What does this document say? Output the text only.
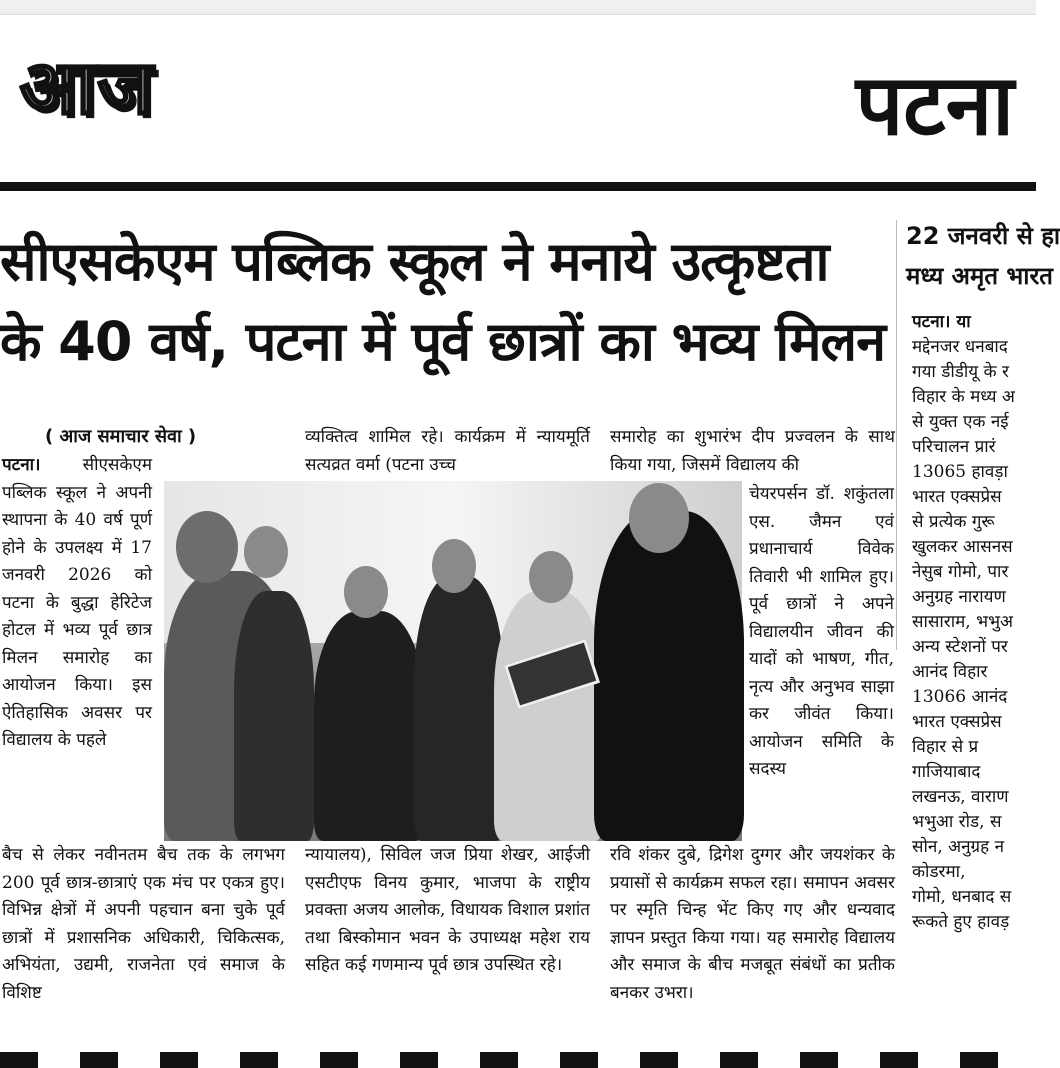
आज	पटना
सीएसकेएम पब्लिक स्कूल ने मनाये उत्कृष्टता
के 40 वर्ष, पटना में पूर्व छात्रों का भव्य मिलन
( आज समाचार सेवा )

पटना। सीएसकेएम पब्लिक स्कूल ने अपनी स्थापना के 40 वर्ष पूर्ण होने के उपलक्ष्य में 17 जनवरी 2026 को पटना के बुद्धा हेरिटेज होटल में भव्य पूर्व छात्र मिलन समारोह का आयोजन किया। इस ऐतिहासिक अवसर पर विद्यालय के पहले

व्यक्तित्व शामिल रहे। कार्यक्रम में न्यायमूर्ति सत्यव्रत वर्मा (पटना उच्च

समारोह का शुभारंभ दीप प्रज्वलन के साथ किया गया, जिसमें विद्यालय की

चेयरपर्सन डॉ. शकुंतला एस. जैमन एवं प्रधानाचार्य विवेक तिवारी भी शामिल हुए। पूर्व छात्रों ने अपने विद्यालयीन जीवन की यादों को भाषण, गीत, नृत्य और अनुभव साझा कर जीवंत किया। आयोजन समिति के सदस्य

बैच से लेकर नवीनतम बैच तक के लगभग 200 पूर्व छात्र-छात्राएं एक मंच पर एकत्र हुए। विभिन्न क्षेत्रों में अपनी पहचान बना चुके पूर्व छात्रों में प्रशासनिक अधिकारी, चिकित्सक, अभियंता, उद्यमी, राजनेता एवं समाज के विशिष्ट

न्यायालय), सिविल जज प्रिया शेखर, आईजी एसटीएफ विनय कुमार, भाजपा के राष्ट्रीय प्रवक्ता अजय आलोक, विधायक विशाल प्रशांत तथा बिस्कोमान भवन के उपाध्यक्ष महेश राय सहित कई गणमान्य पूर्व छात्र उपस्थित रहे।

रवि शंकर दुबे, द्रिगेश दुग्गर और जयशंकर के प्रयासों से कार्यक्रम सफल रहा। समापन अवसर पर स्मृति चिन्ह भेंट किए गए और धन्यवाद ज्ञापन प्रस्तुत किया गया। यह समारोह विद्यालय और समाज के बीच मजबूत संबंधों का प्रतीक बनकर उभरा।

22 जनवरी से हा
मध्य अमृत भारत
पटना। या
मद्देनजर धनबाद
गया डीडीयू के र
विहार के मध्य अ
से युक्त एक नई
परिचालन प्रारं
13065 हावड़ा
भारत एक्सप्रेस
से प्रत्येक गुरू
खुलकर आसनस
नेसुब गोमो, पार
अनुग्रह नारायण
सासाराम, भभुअ
अन्य स्टेशनों पर
आनंद विहार
13066 आनंद
भारत एक्सप्रेस
विहार से प्र
गाजियाबाद
लखनऊ, वाराण
भभुआ रोड, स
सोन, अनुग्रह न
कोडरमा,
गोमो, धनबाद स
रूकते हुए हावड़
